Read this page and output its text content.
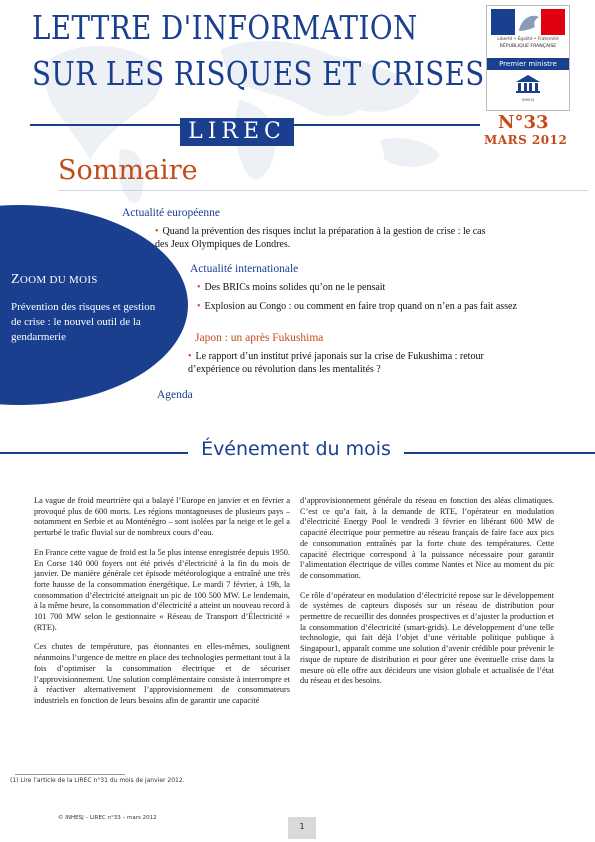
LETTRE D'INFORMATION
SUR LES RISQUES ET CRISES
LIREC	N°33
MARS 2012
Liberté • Égalité • Fraternité
RÉPUBLIQUE FRANÇAISE
Premier ministre
INHESJ
Sommaire
Actualité européenne
• Quand la prévention des risques inclut la préparation à la gestion de crise : le cas des Jeux Olympiques de Londres.
Actualité internationale
• Des BRICs moins solides qu’on ne le pensait
• Explosion au Congo : ou comment en faire trop quand on n’en a pas fait assez
Japon : un après Fukushima
• Le rapport d’un institut privé japonais sur la crise de Fukushima : retour d’expérience ou révolution dans les mentalités ?
Agenda
ZOOM DU MOIS
Prévention des risques et gestion de crise : le nouvel outil de la gendarmerie
Événement du mois

La vague de froid meurtrière qui a balayé l’Europe en janvier et en février a provoqué plus de 600 morts. Les régions montagneuses de plusieurs pays – notamment en Serbie et au Monténégro – sont isolées par la neige et le gel a perturbé le trafic fluvial sur de nombreux cours d’eau.

En France cette vague de froid est la 5e plus intense enregistrée depuis 1950. En Corse 140 000 foyers ont été privés d’électricité à la fin du mois de janvier. De manière générale cet épisode météorologique a entraîné une très forte hausse de la consommation énergétique. Le mardi 7 février, à 19h, la consommation d’électricité atteignait un pic de 100 500 MW. Le lendemain, à la même heure, la consommation d’électricité a atteint un nouveau record à 101 700 MW selon le gestionnaire « Réseau de Transport d’Électricité » (RTE).

Ces chutes de température, pas étonnantes en elles-mêmes, soulignent néanmoins l’urgence de mettre en place des technologies permettant tout à la fois d’optimiser la consommation électrique et de sécuriser l’approvisionnement. Une solution complémentaire consiste à interrompre et à réactiver alternativement l’approvisionnement de consommateurs industriels en fonction de leurs besoins afin de garantir une capacité

d’approvisionnement générale du réseau en fonction des aléas climatiques. C’est ce qu’a fait, à la demande de RTE, l’opérateur en modulation d’électricité Energy Pool le vendredi 3 février en libérant 600 MW de capacité électrique pour permettre au réseau français de faire face aux pics de consommation entraînés par la forte chute des températures. Cette capacité électrique correspond à la puissance nécessaire pour garantir l’alimentation électrique de villes comme Nantes et Nice au moment du pic de consommation.

Ce rôle d’opérateur en modulation d’électricité repose sur le développement de systèmes de capteurs disposés sur un réseau de distribution pour permettre de recueillir des données prospectives et d’ajuster la production et la consommation d’électricité (smart-grids). Le développement d’une telle technologie, qui fait déjà l’objet d’une véritable politique publique à Singapour1, apparaît comme une solution d’avenir crédible pour prévenir le risque de rupture de distribution et pour gérer une éventuelle crise dans la mesure où elle offre aux décideurs une vision globale et actualisée de l’état du réseau et des besoins.

(1) Lire l’article de la LIREC n°31 du mois de janvier 2012.
© INHESJ – LIREC n°33 – mars 2012
1
